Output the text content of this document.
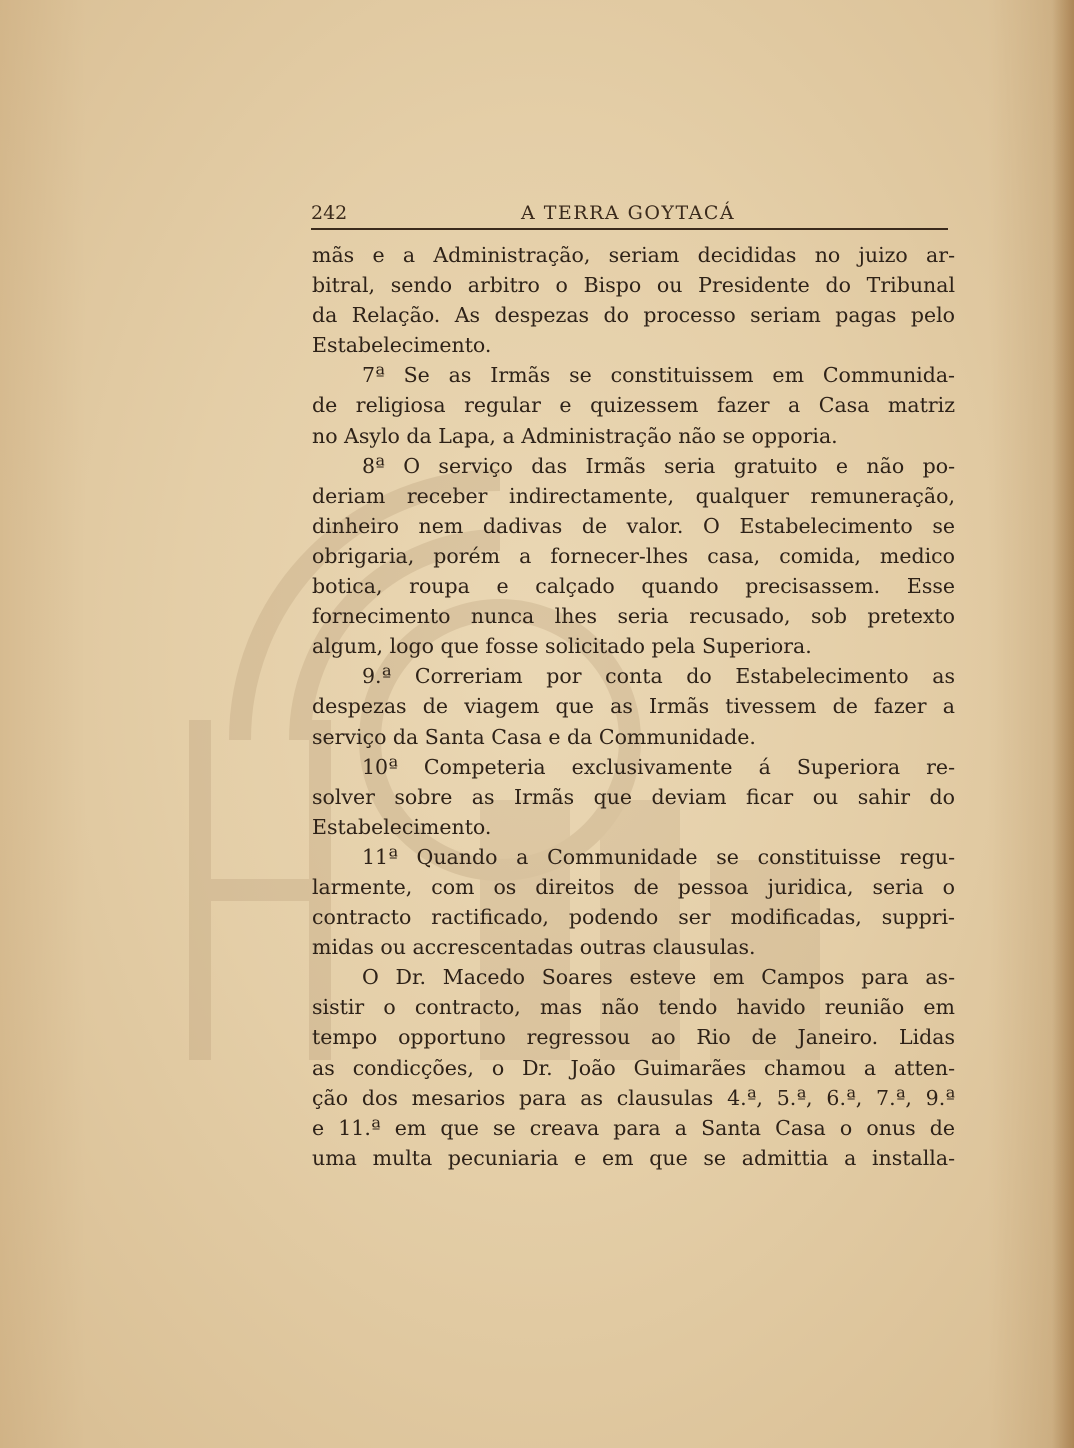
242	A TERRA GOYTACÁ
mãs e a Administração, seriam decididas no juizo ar-
bitral, sendo arbitro o Bispo ou Presidente do Tribunal
da Relação. As despezas do processo seriam pagas pelo
Estabelecimento.
7ª Se as Irmãs se constituissem em Communida-
de religiosa regular e quizessem fazer a Casa matriz
no Asylo da Lapa, a Administração não se opporia.
8ª O serviço das Irmãs seria gratuito e não po-
deriam receber indirectamente, qualquer remuneração,
dinheiro nem dadivas de valor. O Estabelecimento se
obrigaria, porém a fornecer-lhes casa, comida, medico
botica, roupa e calçado quando precisassem. Esse
fornecimento nunca lhes seria recusado, sob pretexto
algum, logo que fosse solicitado pela Superiora.
9.ª Correriam por conta do Estabelecimento as
despezas de viagem que as Irmãs tivessem de fazer a
serviço da Santa Casa e da Communidade.
10ª Competeria exclusivamente á Superiora re-
solver sobre as Irmãs que deviam ficar ou sahir do
Estabelecimento.
11ª Quando a Communidade se constituisse regu-
larmente, com os direitos de pessoa juridica, seria o
contracto ractificado, podendo ser modificadas, suppri-
midas ou accrescentadas outras clausulas.
O Dr. Macedo Soares esteve em Campos para as-
sistir o contracto, mas não tendo havido reunião em
tempo opportuno regressou ao Rio de Janeiro. Lidas
as condicções, o Dr. João Guimarães chamou a atten-
ção dos mesarios para as clausulas 4.ª, 5.ª, 6.ª, 7.ª, 9.ª
e 11.ª em que se creava para a Santa Casa o onus de
uma multa pecuniaria e em que se admittia a installa-
